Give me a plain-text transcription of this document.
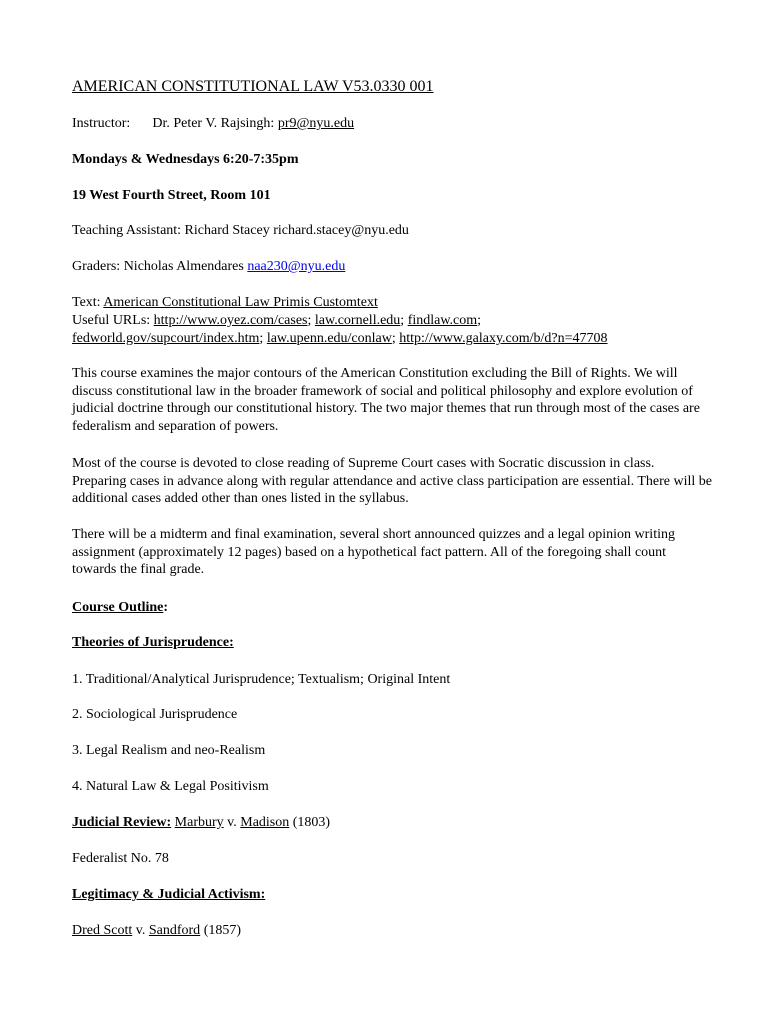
AMERICAN CONSTITUTIONAL LAW V53.0330 001
Instructor: Dr. Peter V. Rajsingh: pr9@nyu.edu
Mondays & Wednesdays 6:20-7:35pm
19 West Fourth Street, Room 101
Teaching Assistant: Richard Stacey richard.stacey@nyu.edu
Graders: Nicholas Almendares naa230@nyu.edu
Text: American Constitutional Law Primis Customtext
Useful URLs: http://www.oyez.com/cases; law.cornell.edu; findlaw.com;
fedworld.gov/supcourt/index.htm; law.upenn.edu/conlaw; http://www.galaxy.com/b/d?n=47708
This course examines the major contours of the American Constitution excluding the Bill of Rights. We will discuss constitutional law in the broader framework of social and political philosophy and explore evolution of judicial doctrine through our constitutional history. The two major themes that run through most of the cases are federalism and separation of powers.
Most of the course is devoted to close reading of Supreme Court cases with Socratic discussion in class. Preparing cases in advance along with regular attendance and active class participation are essential. There will be additional cases added other than ones listed in the syllabus.
There will be a midterm and final examination, several short announced quizzes and a legal opinion writing assignment (approximately 12 pages) based on a hypothetical fact pattern. All of the foregoing shall count towards the final grade.
Course Outline:
Theories of Jurisprudence:
1. Traditional/Analytical Jurisprudence; Textualism; Original Intent
2. Sociological Jurisprudence
3. Legal Realism and neo-Realism
4. Natural Law & Legal Positivism
Judicial Review: Marbury v. Madison (1803)
Federalist No. 78
Legitimacy & Judicial Activism:
Dred Scott v. Sandford (1857)
